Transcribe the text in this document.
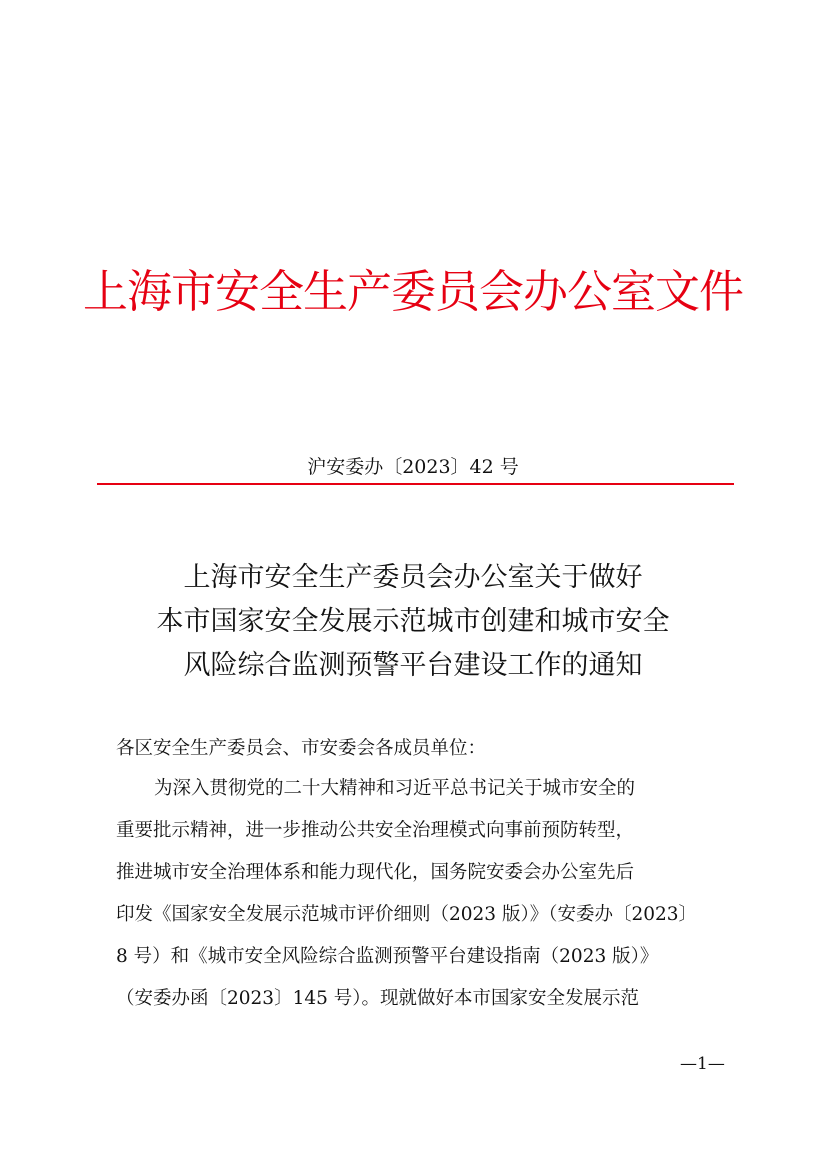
上海市安全生产委员会办公室文件
沪安委办〔2023〕42 号
上海市安全生产委员会办公室关于做好
本市国家安全发展示范城市创建和城市安全
风险综合监测预警平台建设工作的通知
各区安全生产委员会、市安委会各成员单位：
为深入贯彻党的二十大精神和习近平总书记关于城市安全的
重要批示精神，进一步推动公共安全治理模式向事前预防转型，
推进城市安全治理体系和能力现代化，国务院安委会办公室先后
印发《国家安全发展示范城市评价细则（2023 版）》（安委办〔2023〕
8 号）和《城市安全风险综合监测预警平台建设指南（2023 版）》
（安委办函〔2023〕145 号）。现就做好本市国家安全发展示范
—1—
